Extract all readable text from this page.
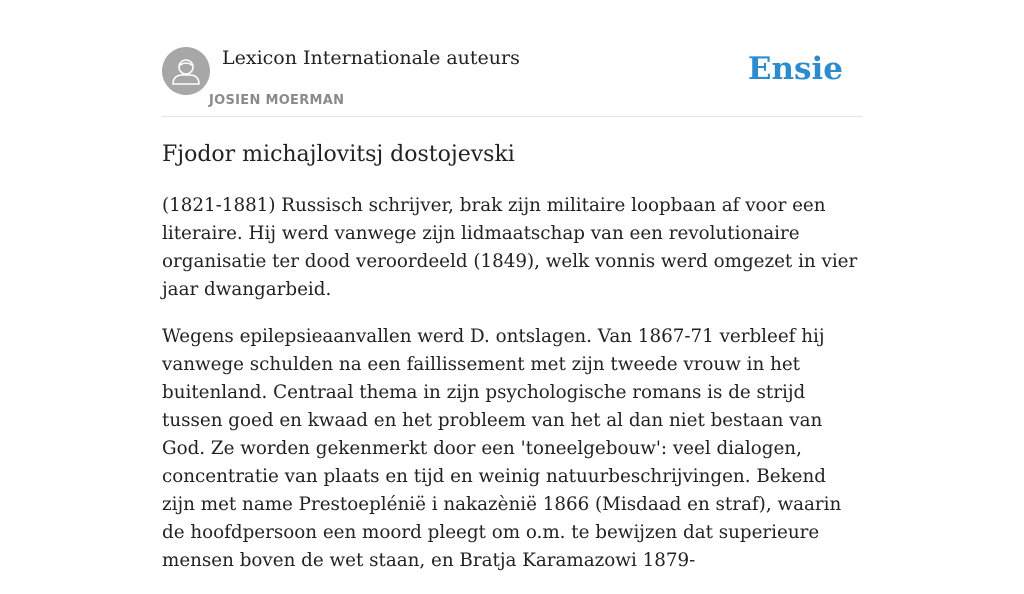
Lexicon Internationale auteurs
JOSIEN MOERMAN
Ensie
Fjodor michajlovitsj dostojevski

(1821-1881) Russisch schrijver, brak zijn militaire loopbaan af voor een literaire. Hij werd vanwege zijn lidmaatschap van een revolutionaire organisatie ter dood veroordeeld (1849), welk vonnis werd omgezet in vier jaar dwangarbeid.

Wegens epilepsieaanvallen werd D. ontslagen. Van 1867-71 verbleef hij vanwege schulden na een faillissement met zijn tweede vrouw in het buitenland. Centraal thema in zijn psychologische romans is de strijd tussen goed en kwaad en het probleem van het al dan niet bestaan van God. Ze worden gekenmerkt door een 'toneelgebouw': veel dialogen, concentratie van plaats en tijd en weinig natuurbeschrijvingen. Bekend zijn met name Prestoeplénië i nakazènië 1866 (Misdaad en straf), waarin de hoofdpersoon een moord pleegt om o.m. te bewijzen dat superieure mensen boven de wet staan, en Bratja Karamazowi 1879-
